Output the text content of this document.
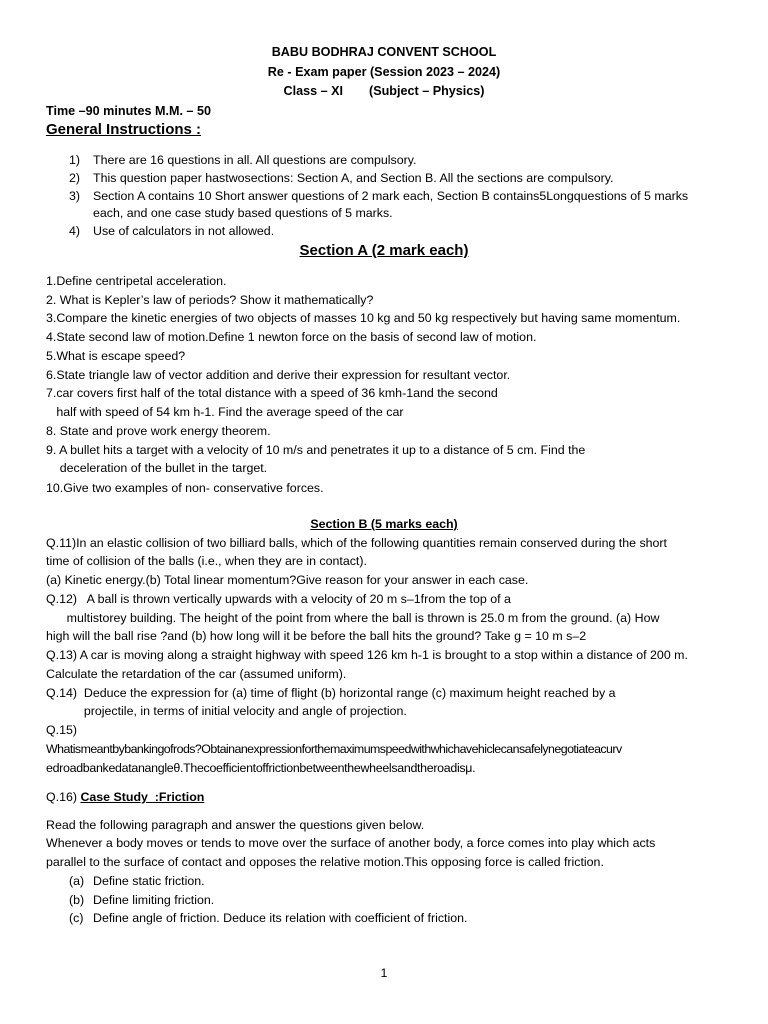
BABU BODHRAJ CONVENT SCHOOL
Re - Exam paper (Session 2023 – 2024)
Class – XI (Subject – Physics)
Time –90 minutes M.M. – 50
General Instructions :
1) There are 16 questions in all. All questions are compulsory.
2) This question paper hastwosections: Section A, and Section B. All the sections are compulsory.
3) Section A contains 10 Short answer questions of 2 mark each, Section B contains5Longquestions of 5 marks
each, and one case study based questions of 5 marks.
4) Use of calculators in not allowed.
Section A (2 mark each)
1.Define centripetal acceleration.
2. What is Kepler’s law of periods? Show it mathematically?
3.Compare the kinetic energies of two objects of masses 10 kg and 50 kg respectively but having same momentum.
4.State second law of motion.Define 1 newton force on the basis of second law of motion.
5.What is escape speed?
6.State triangle law of vector addition and derive their expression for resultant vector.
7.car covers first half of the total distance with a speed of 36 kmh-1and the second
half with speed of 54 km h-1. Find the average speed of the car
8. State and prove work energy theorem.
9. A bullet hits a target with a velocity of 10 m/s and penetrates it up to a distance of 5 cm. Find the
deceleration of the bullet in the target.
10.Give two examples of non- conservative forces.
Section B (5 marks each)
Q.11)In an elastic collision of two billiard balls, which of the following quantities remain conserved during the short
time of collision of the balls (i.e., when they are in contact).
(a) Kinetic energy.(b) Total linear momentum?Give reason for your answer in each case.
Q.12)   A ball is thrown vertically upwards with a velocity of 20 m s–1from the top of a
multistorey building. The height of the point from where the ball is thrown is 25.0 m from the ground. (a) How
high will the ball rise ?and (b) how long will it be before the ball hits the ground? Take g = 10 m s–2
Q.13) A car is moving along a straight highway with speed 126 km h-1 is brought to a stop within a distance of 200 m.
Calculate the retardation of the car (assumed uniform).
Q.14)  Deduce the expression for (a) time of flight (b) horizontal range (c) maximum height reached by a
projectile, in terms of initial velocity and angle of projection.
Q.15)
Whatismeantbybankingofrods?Obtainanexpressionforthemaximumspeedwithwhichavehiclecansafelynegotiateacurv
edroadbankedatanangleθ.Thecoefficientoffrictionbetweenthewheelsandtheroadisμ.
Q.16) Case Study  :Friction
Read the following paragraph and answer the questions given below.
Whenever a body moves or tends to move over the surface of another body, a force comes into play which acts
parallel to the surface of contact and opposes the relative motion.This opposing force is called friction.
(a) Define static friction.
(b) Define limiting friction.
(c) Define angle of friction. Deduce its relation with coefficient of friction.
1
